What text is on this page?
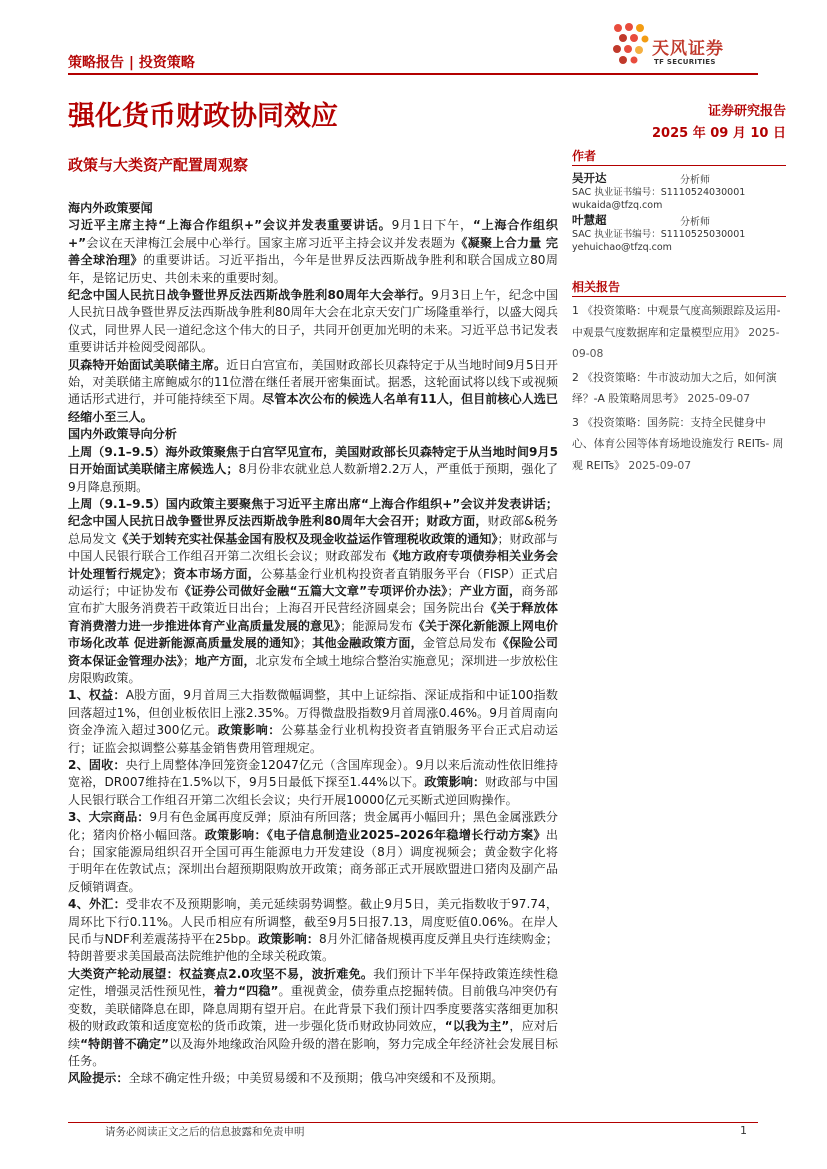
策略报告 | 投资策略
天风证券
TF SECURITIES
强化货币财政协同效应	证券研究报告
2025 年 09 月 10 日
政策与大类资产配置周观察	作者
吴开达	分析师
SAC 执业证书编号：S1110524030001
wukaida@tfzq.com
叶慧超	分析师
SAC 执业证书编号：S1110525030001
yehuichao@tfzq.com
相关报告

1 《投资策略：中观景气度高频跟踪及运用-中观景气度数据库和定量模型应用》 2025-09-08

2 《投资策略：牛市波动加大之后，如何演绎？-A 股策略周思考》 2025-09-07

3 《投资策略：国务院：支持全民健身中心、体育公园等体育场地设施发行 REITs- 周观 REITs》 2025-09-07

海内外政策要闻

习近平主席主持“上海合作组织+”会议并发表重要讲话。9月1日下午，“上海合作组织+”会议在天津梅江会展中心举行。国家主席习近平主持会议并发表题为《凝聚上合力量 完善全球治理》的重要讲话。习近平指出，今年是世界反法西斯战争胜利和联合国成立80周年，是铭记历史、共创未来的重要时刻。

纪念中国人民抗日战争暨世界反法西斯战争胜利80周年大会举行。9月3日上午，纪念中国人民抗日战争暨世界反法西斯战争胜利80周年大会在北京天安门广场隆重举行，以盛大阅兵仪式，同世界人民一道纪念这个伟大的日子，共同开创更加光明的未来。习近平总书记发表重要讲话并检阅受阅部队。

贝森特开始面试美联储主席。近日白宫宣布，美国财政部长贝森特定于从当地时间9月5日开始，对美联储主席鲍威尔的11位潜在继任者展开密集面试。据悉，这轮面试将以线下或视频通话形式进行，并可能持续至下周。尽管本次公布的候选人名单有11人，但目前核心人选已经缩小至三人。

国内外政策导向分析

上周（9.1–9.5）海外政策聚焦于白宫罕见宣布，美国财政部长贝森特定于从当地时间9月5日开始面试美联储主席候选人；8月份非农就业总人数新增2.2万人，严重低于预期，强化了9月降息预期。

上周（9.1–9.5）国内政策主要聚焦于习近平主席出席“上海合作组织+”会议并发表讲话；纪念中国人民抗日战争暨世界反法西斯战争胜利80周年大会召开；财政方面，财政部&税务总局发文《关于划转充实社保基金国有股权及现金收益运作管理税收政策的通知》；财政部与中国人民银行联合工作组召开第二次组长会议；财政部发布《地方政府专项债券相关业务会计处理暂行规定》；资本市场方面，公募基金行业机构投资者直销服务平台（FISP）正式启动运行；中证协发布《证券公司做好金融“五篇大文章”专项评价办法》；产业方面，商务部宣布扩大服务消费若干政策近日出台；上海召开民营经济圆桌会；国务院出台《关于释放体育消费潜力进一步推进体育产业高质量发展的意见》；能源局发布《关于深化新能源上网电价市场化改革 促进新能源高质量发展的通知》；其他金融政策方面，金管总局发布《保险公司资本保证金管理办法》；地产方面，北京发布全域土地综合整治实施意见；深圳进一步放松住房限购政策。

1、权益：A股方面，9月首周三大指数微幅调整，其中上证综指、深证成指和中证100指数回落超过1%，但创业板依旧上涨2.35%。万得微盘股指数9月首周涨0.46%。9月首周南向资金净流入超过300亿元。政策影响：公募基金行业机构投资者直销服务平台正式启动运行；证监会拟调整公募基金销售费用管理规定。

2、固收：央行上周整体净回笼资金12047亿元（含国库现金）。9月以来后流动性依旧维持宽裕，DR007维持在1.5%以下，9月5日最低下探至1.44%以下。政策影响：财政部与中国人民银行联合工作组召开第二次组长会议；央行开展10000亿元买断式逆回购操作。

3、大宗商品：9月有色金属再度反弹；原油有所回落；贵金属再小幅回升；黑色金属涨跌分化；猪肉价格小幅回落。政策影响：《电子信息制造业2025–2026年稳增长行动方案》出台；国家能源局组织召开全国可再生能源电力开发建设（8月）调度视频会；黄金数字化将于明年在佐敦试点；深圳出台超预期限购放开政策；商务部正式开展欧盟进口猪肉及副产品反倾销调查。

4、外汇：受非农不及预期影响，美元延续弱势调整。截止9月5日，美元指数收于97.74，周环比下行0.11%。人民币相应有所调整，截至9月5日报7.13，周度贬值0.06%。在岸人民币与NDF利差震荡持平在25bp。政策影响：8月外汇储备规模再度反弹且央行连续购金；特朗普要求美国最高法院维护他的全球关税政策。

大类资产轮动展望：权益赛点2.0攻坚不易，波折难免。我们预计下半年保持政策连续性稳定性，增强灵活性预见性，着力“四稳”。重视黄金，债券重点挖掘转债。目前俄乌冲突仍有变数，美联储降息在即，降息周期有望开启。在此背景下我们预计四季度要落实落细更加积极的财政政策和适度宽松的货币政策，进一步强化货币财政协同效应，“以我为主”，应对后续“特朗普不确定”以及海外地缘政治风险升级的潜在影响，努力完成全年经济社会发展目标任务。

风险提示：全球不确定性升级；中美贸易缓和不及预期；俄乌冲突缓和不及预期。

请务必阅读正文之后的信息披露和免责申明	1
